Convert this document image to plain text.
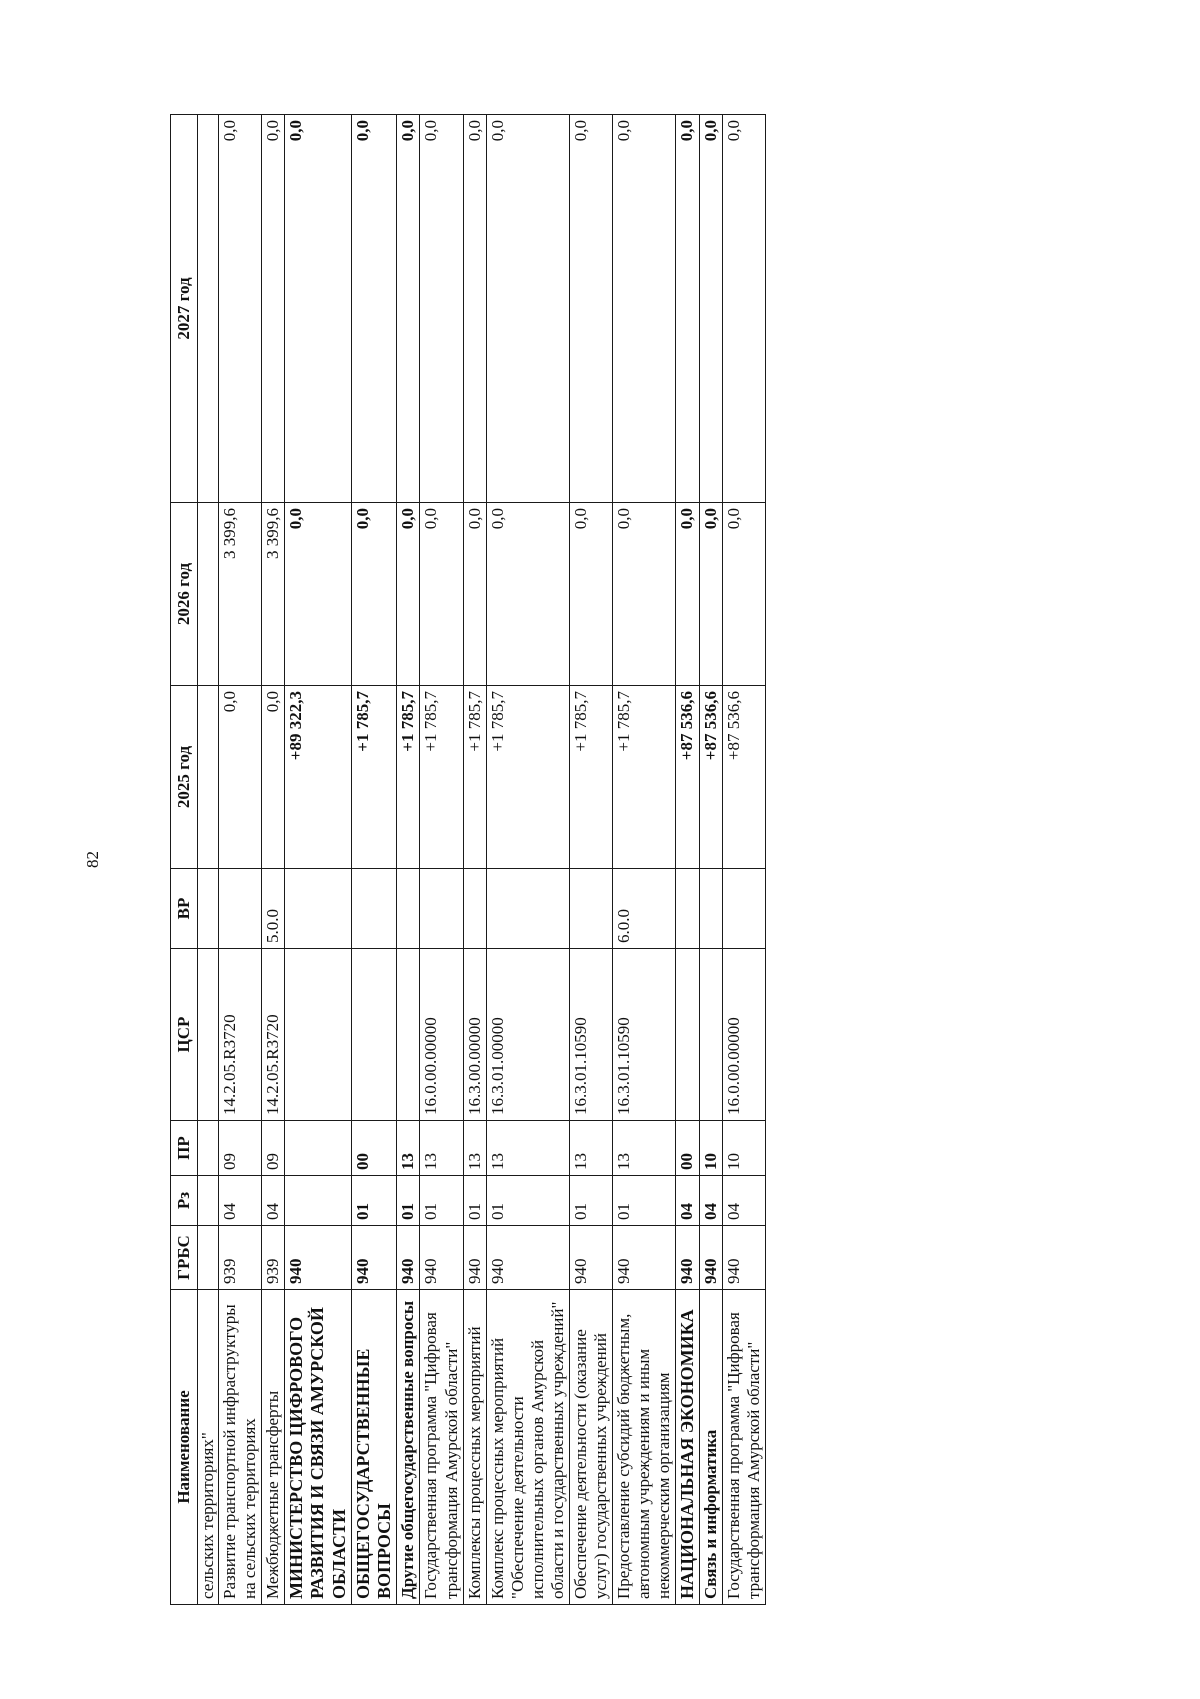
82
Наименование	ГРБС	Рз	ПР	ЦСР	ВР	2025 год	2026 год	2027 год
сельских территориях"								
Развитие транспортной инфраструктуры на сельских территориях	939	04	09	14.2.05.R3720		0,0	3 399,6	0,0
Межбюджетные трансферты	939	04	09	14.2.05.R3720	5.0.0	0,0	3 399,6	0,0
МИНИСТЕРСТВО ЦИФРОВОГО РАЗВИТИЯ И СВЯЗИ АМУРСКОЙ ОБЛАСТИ	940					+89 322,3	0,0	0,0
ОБЩЕГОСУДАРСТВЕННЫЕ ВОПРОСЫ	940	01	00			+1 785,7	0,0	0,0
Другие общегосударственные вопросы	940	01	13			+1 785,7	0,0	0,0
Государственная программа "Цифровая трансформация Амурской области"	940	01	13	16.0.00.00000		+1 785,7	0,0	0,0
Комплексы процессных мероприятий	940	01	13	16.3.00.00000		+1 785,7	0,0	0,0
Комплекс процессных мероприятий "Обеспечение деятельности исполнительных органов Амурской области и государственных учреждений"	940	01	13	16.3.01.00000		+1 785,7	0,0	0,0
Обеспечение деятельности (оказание услуг) государственных учреждений	940	01	13	16.3.01.10590		+1 785,7	0,0	0,0
Предоставление субсидий бюджетным, автономным учреждениям и иным некоммерческим организациям	940	01	13	16.3.01.10590	6.0.0	+1 785,7	0,0	0,0
НАЦИОНАЛЬНАЯ ЭКОНОМИКА	940	04	00			+87 536,6	0,0	0,0
Связь и информатика	940	04	10			+87 536,6	0,0	0,0
Государственная программа "Цифровая трансформация Амурской области"	940	04	10	16.0.00.00000		+87 536,6	0,0	0,0
